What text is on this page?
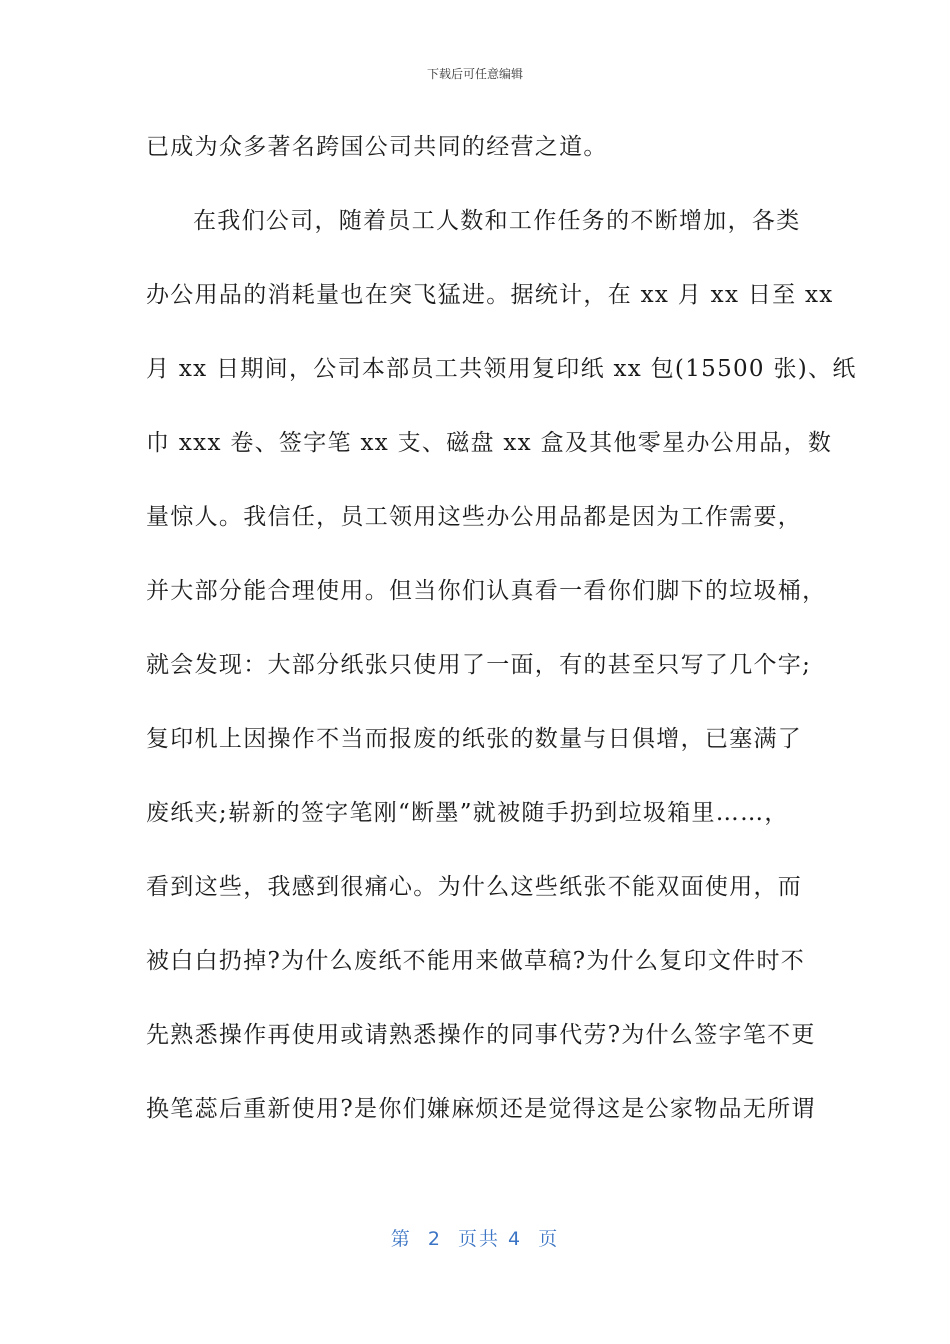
下载后可任意编辑
已成为众多著名跨国公司共同的经营之道。
在我们公司，随着员工人数和工作任务的不断增加，各类
办公用品的消耗量也在突飞猛进。据统计，在 xx 月 xx 日至 xx
月 xx 日期间，公司本部员工共领用复印纸 xx 包(15500 张)、纸
巾 xxx 卷、签字笔 xx 支、磁盘 xx 盒及其他零星办公用品，数
量惊人。我信任，员工领用这些办公用品都是因为工作需要，
并大部分能合理使用。但当你们认真看一看你们脚下的垃圾桶，
就会发现：大部分纸张只使用了一面，有的甚至只写了几个字;
复印机上因操作不当而报废的纸张的数量与日俱增，已塞满了
废纸夹;崭新的签字笔刚“断墨”就被随手扔到垃圾箱里……，
看到这些，我感到很痛心。为什么这些纸张不能双面使用，而
被白白扔掉?为什么废纸不能用来做草稿?为什么复印文件时不
先熟悉操作再使用或请熟悉操作的同事代劳?为什么签字笔不更
换笔蕊后重新使用?是你们嫌麻烦还是觉得这是公家物品无所谓
第  2  页共 4  页
